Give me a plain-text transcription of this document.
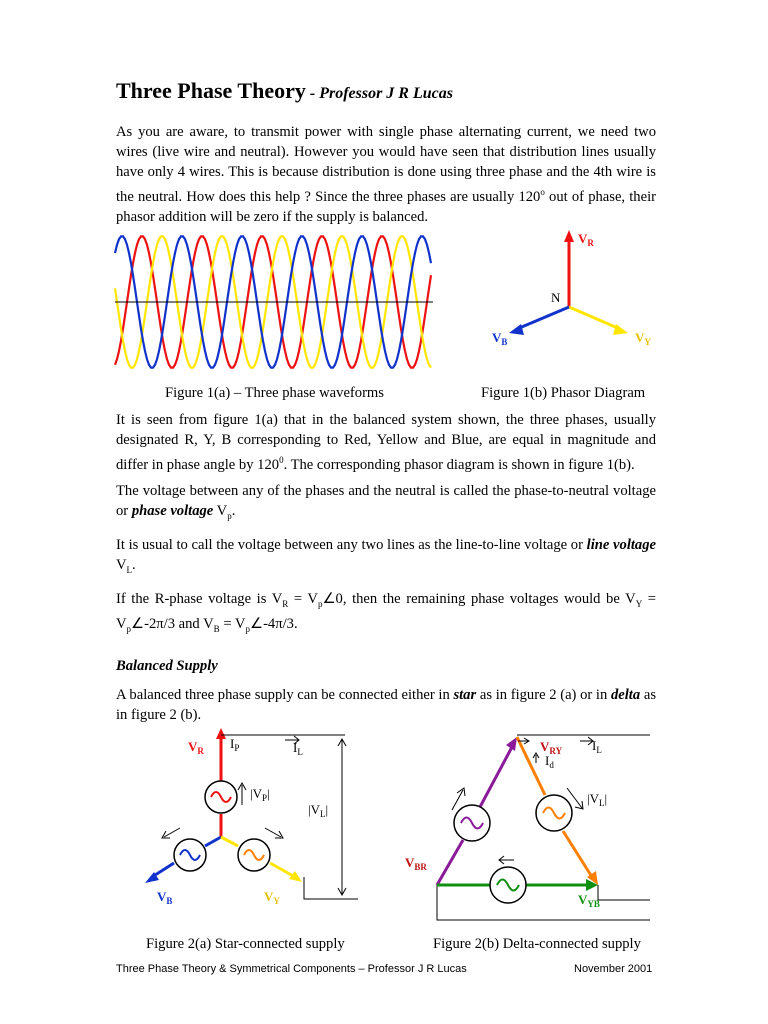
Three Phase Theory - Professor J R Lucas
As you are aware, to transmit power with single phase alternating current, we need two wires (live wire and neutral). However you would have seen that distribution lines usually have only 4 wires. This is because distribution is done using three phase and the 4th wire is the neutral. How does this help ? Since the three phases are usually 120$^o$ out of phase, their phasor addition will be zero if the supply is balanced.
$V_R$
N
$V_Y$
$V_B$
Figure 1(a) – Three phase waveforms	Figure 1(b) Phasor Diagram
It is seen from figure 1(a) that in the balanced system shown, the three phases, usually designated R, Y, B corresponding to Red, Yellow and Blue, are equal in magnitude and differ in phase angle by $120^0$. The corresponding phasor diagram is shown in figure 1(b).
The voltage between any of the phases and the neutral is called the phase-to-neutral voltage or phase voltage $V_p$.
It is usual to call the voltage between any two lines as the line-to-line voltage or line voltage $V_L$.
If the R-phase voltage is $V_R$ = $V_p\angle 0$, then the remaining phase voltages would be $V_Y$ = $V_p\angle-2\pi/3$ and $V_B$ = $V_p\angle-4\pi/3$.
Balanced Supply
A balanced three phase supply can be connected either in star as in figure 2 (a) or in delta as in figure 2 (b).
$V_R$ $I_P$	$I_L$
$|V_P|$
$|V_L|$
$V_B$	$V_Y$
$V_{RY}$ $I_L$
$I_d$
$|V_L|$
$V_{BR}$
$V_{YB}$
Figure 2(a) Star-connected supply	Figure 2(b) Delta-connected supply
Three Phase Theory & Symmetrical Components – Professor J R Lucas	November 2001
